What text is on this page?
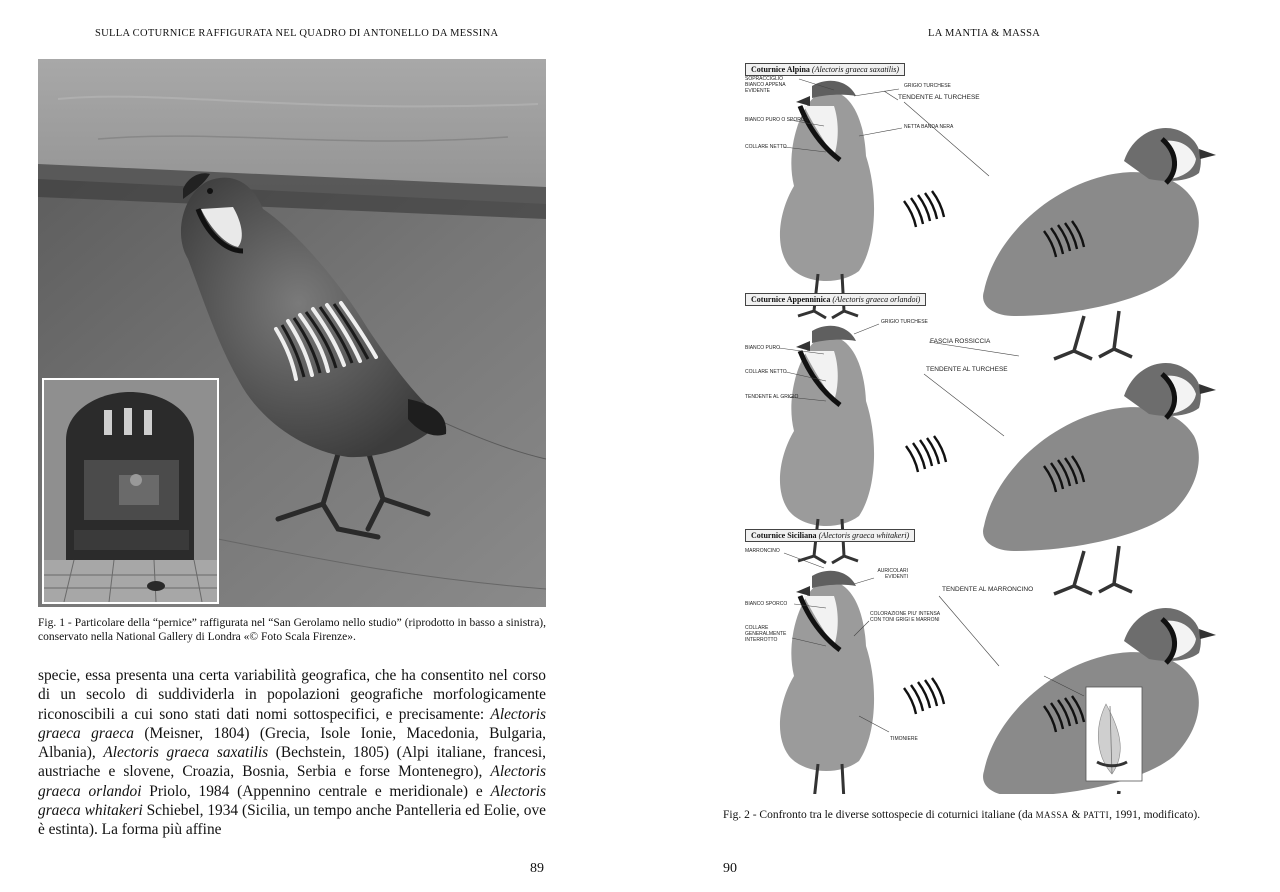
SULLA COTURNICE RAFFIGURATA NEL QUADRO DI ANTONELLO DA MESSINA
Fig. 1 - Particolare della “pernice” raffigurata nel “San Gerolamo nello studio” (riprodotto in basso a sinistra), conservato nella National Gallery di Londra «© Foto Scala Firenze».

specie, essa presenta una certa variabilità geografica, che ha consentito nel corso di un secolo di suddividerla in popolazioni geografiche morfologicamente riconoscibili a cui sono stati dati nomi sottospecifici, e precisamente: Alectoris graeca graeca (Meisner, 1804) (Grecia, Isole Ionie, Macedonia, Bulgaria, Albania), Alectoris graeca saxatilis (Bechstein, 1805) (Alpi italiane, francesi, austriache e slovene, Croazia, Bosnia, Serbia e forse Montenegro), Alectoris graeca orlandoi Priolo, 1984 (Appennino centrale e meridionale) e Alectoris graeca whitakeri Schiebel, 1934 (Sicilia, un tempo anche Pantelleria ed Eolie, ove è estinta). La forma più affine

89
LA MANTIA & MASSA
Coturnice Alpina (Alectoris graeca saxatilis)
Coturnice Appenninica (Alectoris graeca orlandoi)
Coturnice Siciliana (Alectoris graeca whitakeri)
SOPRACCIGLIO BIANCO APPENA EVIDENTE
GRIGIO TURCHESE
BIANCO PURO O SPORCO
NETTA BANDA NERA
COLLARE NETTO
TENDENTE AL TURCHESE
GRIGIO TURCHESE
BIANCO PURO
COLLARE NETTO
TENDENTE AL GRIGIO
FASCIA ROSSICCIA
TENDENTE AL TURCHESE
MARRONCINO
AURICOLARI EVIDENTI
BIANCO SPORCO
COLORAZIONE PIU' INTENSA CON TONI GRIGI E MARRONI
COLLARE GENERALMENTE INTERROTTO
TENDENTE AL MARRONCINO
TIMONIERE
Fig. 2 - Confronto tra le diverse sottospecie di coturnici italiane (da MASSA & PATTI, 1991, modificato).
90
